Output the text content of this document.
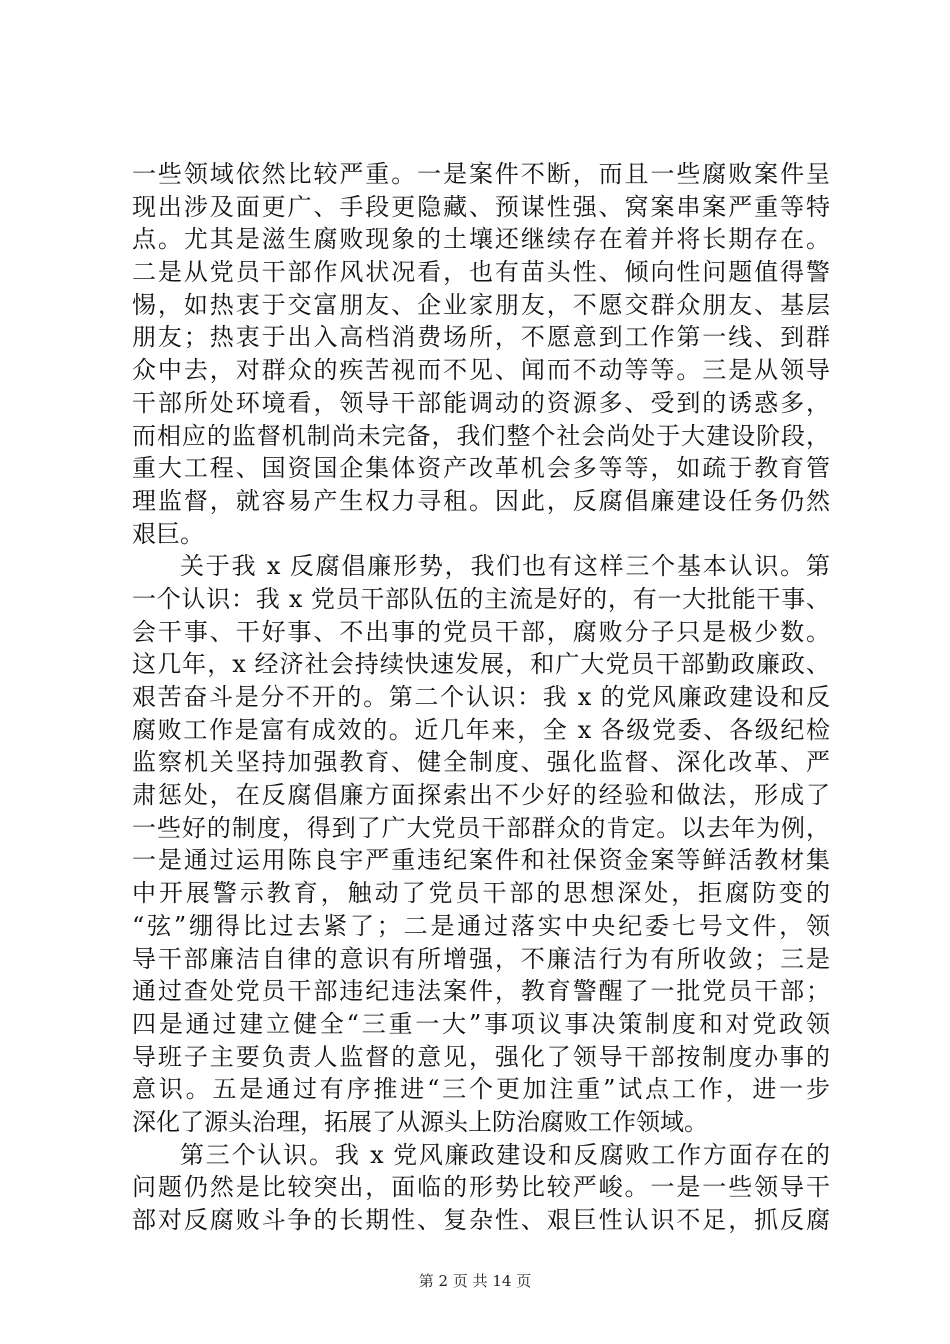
一些领域依然比较严重。一是案件不断，而且一些腐败案件呈
现出涉及面更广、手段更隐藏、预谋性强、窝案串案严重等特
点。尤其是滋生腐败现象的土壤还继续存在着并将长期存在。
二是从党员干部作风状况看，也有苗头性、倾向性问题值得警
惕，如热衷于交富朋友、企业家朋友，不愿交群众朋友、基层
朋友；热衷于出入高档消费场所，不愿意到工作第一线、到群
众中去，对群众的疾苦视而不见、闻而不动等等。三是从领导
干部所处环境看，领导干部能调动的资源多、受到的诱惑多，
而相应的监督机制尚未完备，我们整个社会尚处于大建设阶段，
重大工程、国资国企集体资产改革机会多等等，如疏于教育管
理监督，就容易产生权力寻租。因此，反腐倡廉建设任务仍然
艰巨。
关于我 x 反腐倡廉形势，我们也有这样三个基本认识。第
一个认识：我 x 党员干部队伍的主流是好的，有一大批能干事、
会干事、干好事、不出事的党员干部，腐败分子只是极少数。
这几年，x 经济社会持续快速发展，和广大党员干部勤政廉政、
艰苦奋斗是分不开的。第二个认识：我 x 的党风廉政建设和反
腐败工作是富有成效的。近几年来，全 x 各级党委、各级纪检
监察机关坚持加强教育、健全制度、强化监督、深化改革、严
肃惩处，在反腐倡廉方面探索出不少好的经验和做法，形成了
一些好的制度，得到了广大党员干部群众的肯定。以去年为例，
一是通过运用陈良宇严重违纪案件和社保资金案等鲜活教材集
中开展警示教育，触动了党员干部的思想深处，拒腐防变的
“弦”绷得比过去紧了；二是通过落实中央纪委七号文件，领
导干部廉洁自律的意识有所增强，不廉洁行为有所收敛；三是
通过查处党员干部违纪违法案件，教育警醒了一批党员干部；
四是通过建立健全“三重一大”事项议事决策制度和对党政领
导班子主要负责人监督的意见，强化了领导干部按制度办事的
意识。五是通过有序推进“三个更加注重”试点工作，进一步
深化了源头治理，拓展了从源头上防治腐败工作领域。
第三个认识。我 x 党风廉政建设和反腐败工作方面存在的
问题仍然是比较突出，面临的形势比较严峻。一是一些领导干
部对反腐败斗争的长期性、复杂性、艰巨性认识不足，抓反腐
第 2 页 共 14 页
